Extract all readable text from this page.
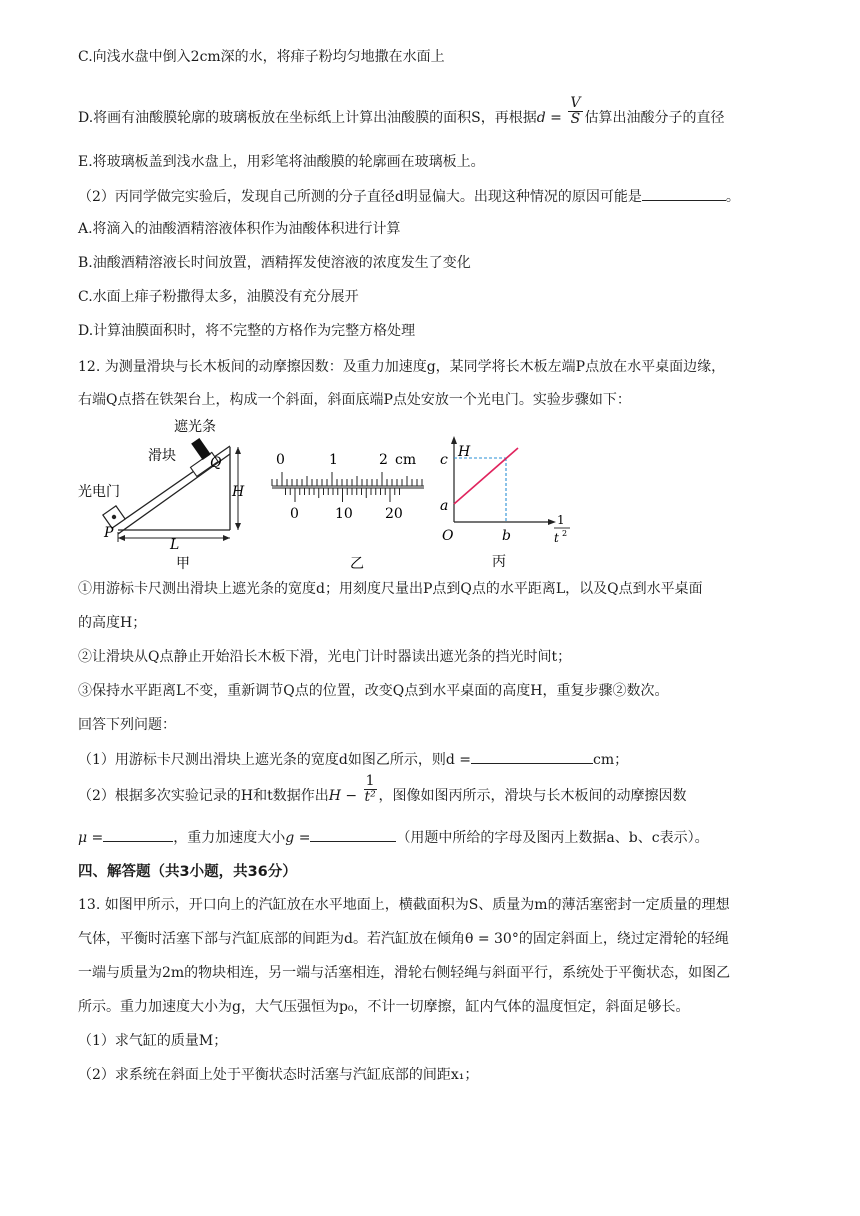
C.向浅水盘中倒入2cm深的水，将痱子粉均匀地撒在水面上
D.将画有油酸膜轮廓的玻璃板放在坐标纸上计算出油酸膜的面积S，再根据$d = \frac{V}{S}$ 估算出油酸分子的直径
E.将玻璃板盖到浅水盘上，用彩笔将油酸膜的轮廓画在玻璃板上。
（2）丙同学做完实验后，发现自己所测的分子直径d明显偏大。出现这种情况的原因可能是	。
A.将滴入的油酸酒精溶液体积作为油酸体积进行计算
B.油酸酒精溶液长时间放置，酒精挥发使溶液的浓度发生了变化
C.水面上痱子粉撒得太多，油膜没有充分展开
D.计算油膜面积时，将不完整的方格作为完整方格处理
12. 为测量滑块与长木板间的动摩擦因数：及重力加速度g，某同学将长木板左端P点放在水平桌面边缘，
右端Q点搭在铁架台上，构成一个斜面，斜面底端P点处安放一个光电门。实验步骤如下：
遮光条
滑块
光电门
Q
H
P
L
甲
0	1	2 cm
0	10 20
乙
H
c
a
O	b
1
t 2
丙
①用游标卡尺测出滑块上遮光条的宽度d；用刻度尺量出P点到Q点的水平距离L，以及Q点到水平桌面
的高度H；
②让滑块从Q点静止开始沿长木板下滑，光电门计时器读出遮光条的挡光时间t；
③保持水平距离L不变，重新调节Q点的位置，改变Q点到水平桌面的高度H，重复步骤②数次。
回答下列问题：
（1）用游标卡尺测出滑块上遮光条的宽度d如图乙所示，则d =	cm；
（2）根据多次实验记录的H和t数据作出$H - \frac{1}{\text{t²}}$ ，图像如图丙所示，滑块与长木板间的动摩擦因数
μ =	，重力加速度大小g =	（用题中所给的字母及图丙上数据a、b、c表示）。
四、解答题（共3小题，共36分）
13. 如图甲所示，开口向上的汽缸放在水平地面上，横截面积为S、质量为m的薄活塞密封一定质量的理想
气体，平衡时活塞下部与汽缸底部的间距为d。若汽缸放在倾角θ = 30°的固定斜面上，绕过定滑轮的轻绳
一端与质量为2m的物块相连，另一端与活塞相连，滑轮右侧轻绳与斜面平行，系统处于平衡状态，如图乙
所示。重力加速度大小为g，大气压强恒为p₀，不计一切摩擦，缸内气体的温度恒定，斜面足够长。
（1）求气缸的质量M；
（2）求系统在斜面上处于平衡状态时活塞与汽缸底部的间距x₁；
